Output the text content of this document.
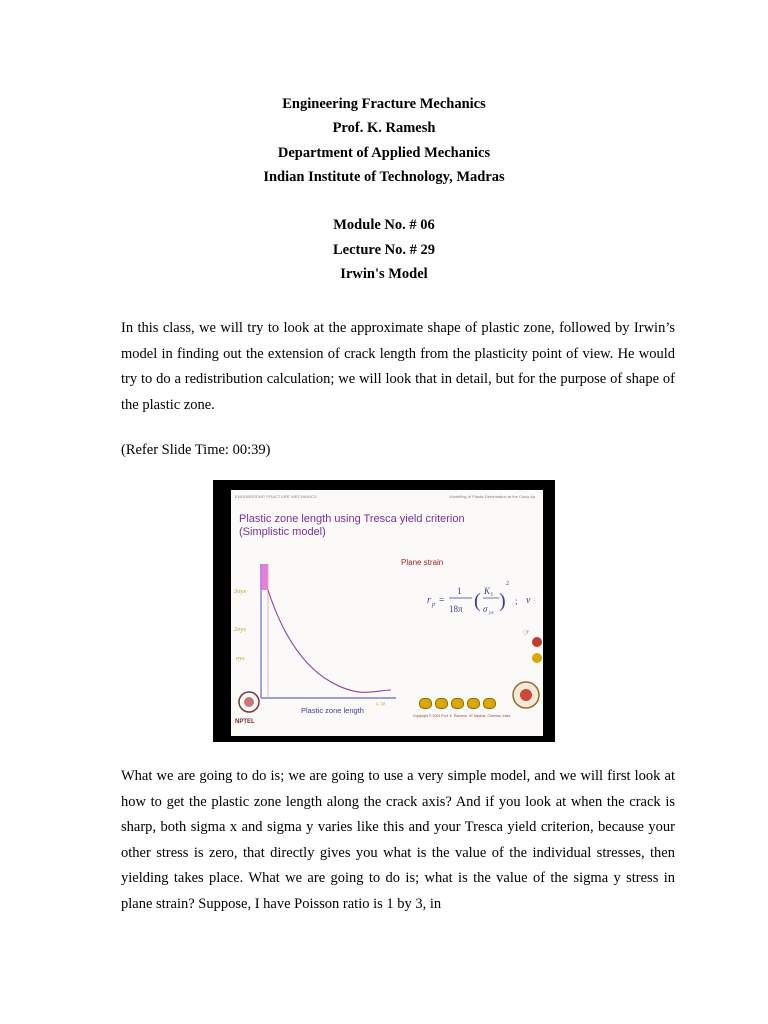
Engineering Fracture Mechanics
Prof. K. Ramesh
Department of Applied Mechanics
Indian Institute of Technology, Madras
Module No. # 06
Lecture No. # 29
Irwin's Model

In this class, we will try to look at the approximate shape of plastic zone, followed by Irwin’s model in finding out the extension of crack length from the plasticity point of view. He would try to do a redistribution calculation; we will look that in detail, but for the purpose of shape of the plastic zone.

(Refer Slide Time: 00:39)

ENGINEERING FRACTURE MECHANICS	Modelling of Plastic Deformation at the Crack-tip
Plastic zone length using Tresca yield criterion
(Simplistic model)
3σys
2σys
σys
x, rp
r p =
1
18π ( K I
σ ys
)
2
; ν
☞
NPTEL
Plane strain
Plastic zone length
Copyright © 2004 Prof. K. Ramesh, IIT Madras, Chennai, India

What we are going to do is; we are going to use a very simple model, and we will first look at how to get the plastic zone length along the crack axis? And if you look at when the crack is sharp, both sigma x and sigma y varies like this and your Tresca yield criterion, because your other stress is zero, that directly gives you what is the value of the individual stresses, then yielding takes place. What we are going to do is; what is the value of the sigma y stress in plane strain? Suppose, I have Poisson ratio is 1 by 3, in
